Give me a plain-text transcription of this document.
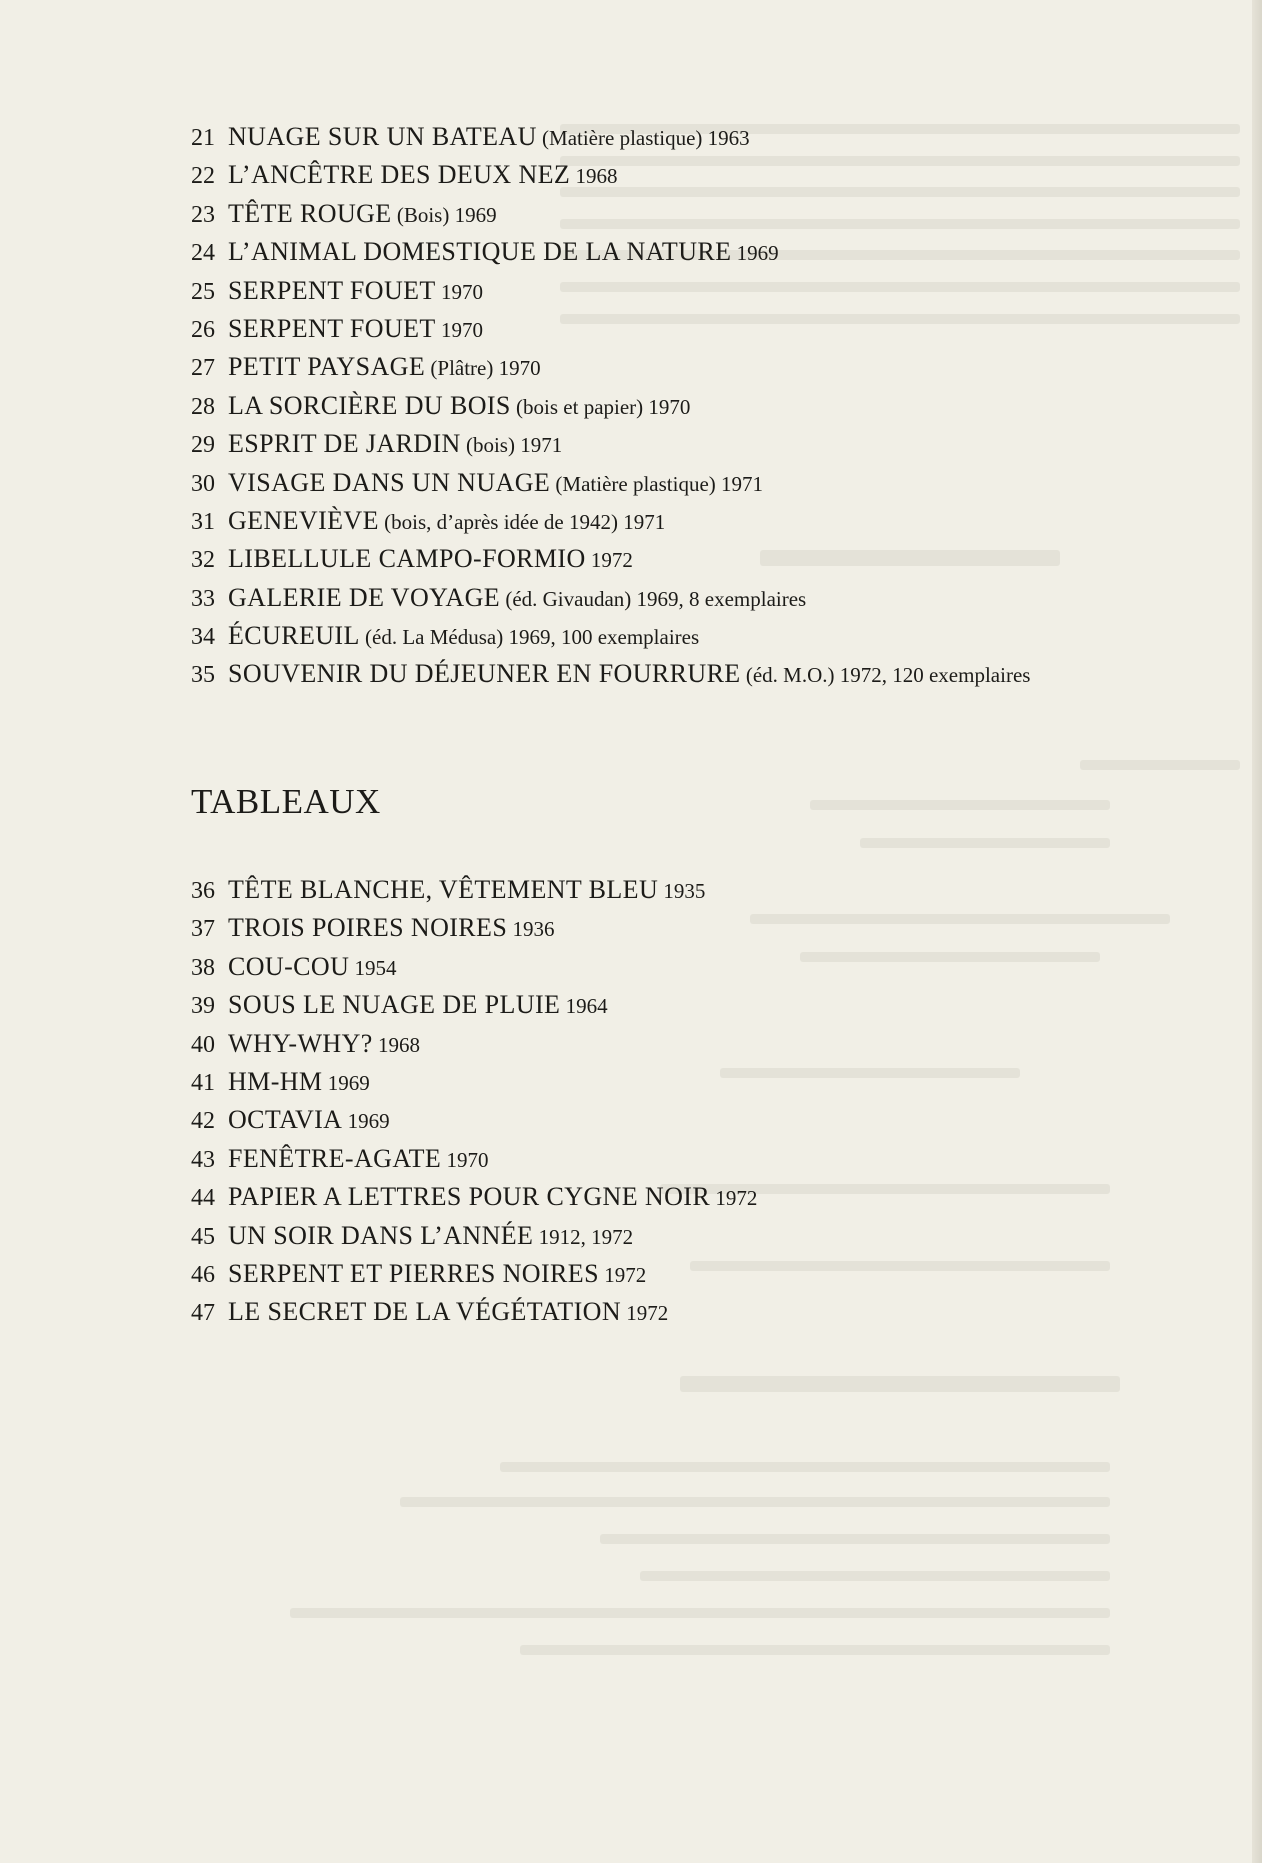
21 NUAGE SUR UN BATEAU (Matière plastique) 1963
22 L’ANCÊTRE DES DEUX NEZ 1968
23 TÊTE ROUGE (Bois) 1969
24 L’ANIMAL DOMESTIQUE DE LA NATURE 1969
25 SERPENT FOUET 1970
26 SERPENT FOUET 1970
27 PETIT PAYSAGE (Plâtre) 1970
28 LA SORCIÈRE DU BOIS (bois et papier) 1970
29 ESPRIT DE JARDIN (bois) 1971
30 VISAGE DANS UN NUAGE (Matière plastique) 1971
31 GENEVIÈVE (bois, d’après idée de 1942) 1971
32 LIBELLULE CAMPO-FORMIO 1972
33 GALERIE DE VOYAGE (éd. Givaudan) 1969, 8 exemplaires
34 ÉCUREUIL (éd. La Médusa) 1969, 100 exemplaires
35 SOUVENIR DU DÉJEUNER EN FOURRURE (éd. M.O.) 1972, 120 exemplaires
TABLEAUX
36 TÊTE BLANCHE, VÊTEMENT BLEU 1935
37 TROIS POIRES NOIRES 1936
38 COU-COU 1954
39 SOUS LE NUAGE DE PLUIE 1964
40 WHY-WHY? 1968
41 HM-HM 1969
42 OCTAVIA 1969
43 FENÊTRE-AGATE 1970
44 PAPIER A LETTRES POUR CYGNE NOIR 1972
45 UN SOIR DANS L’ANNÉE 1912, 1972
46 SERPENT ET PIERRES NOIRES 1972
47 LE SECRET DE LA VÉGÉTATION 1972
